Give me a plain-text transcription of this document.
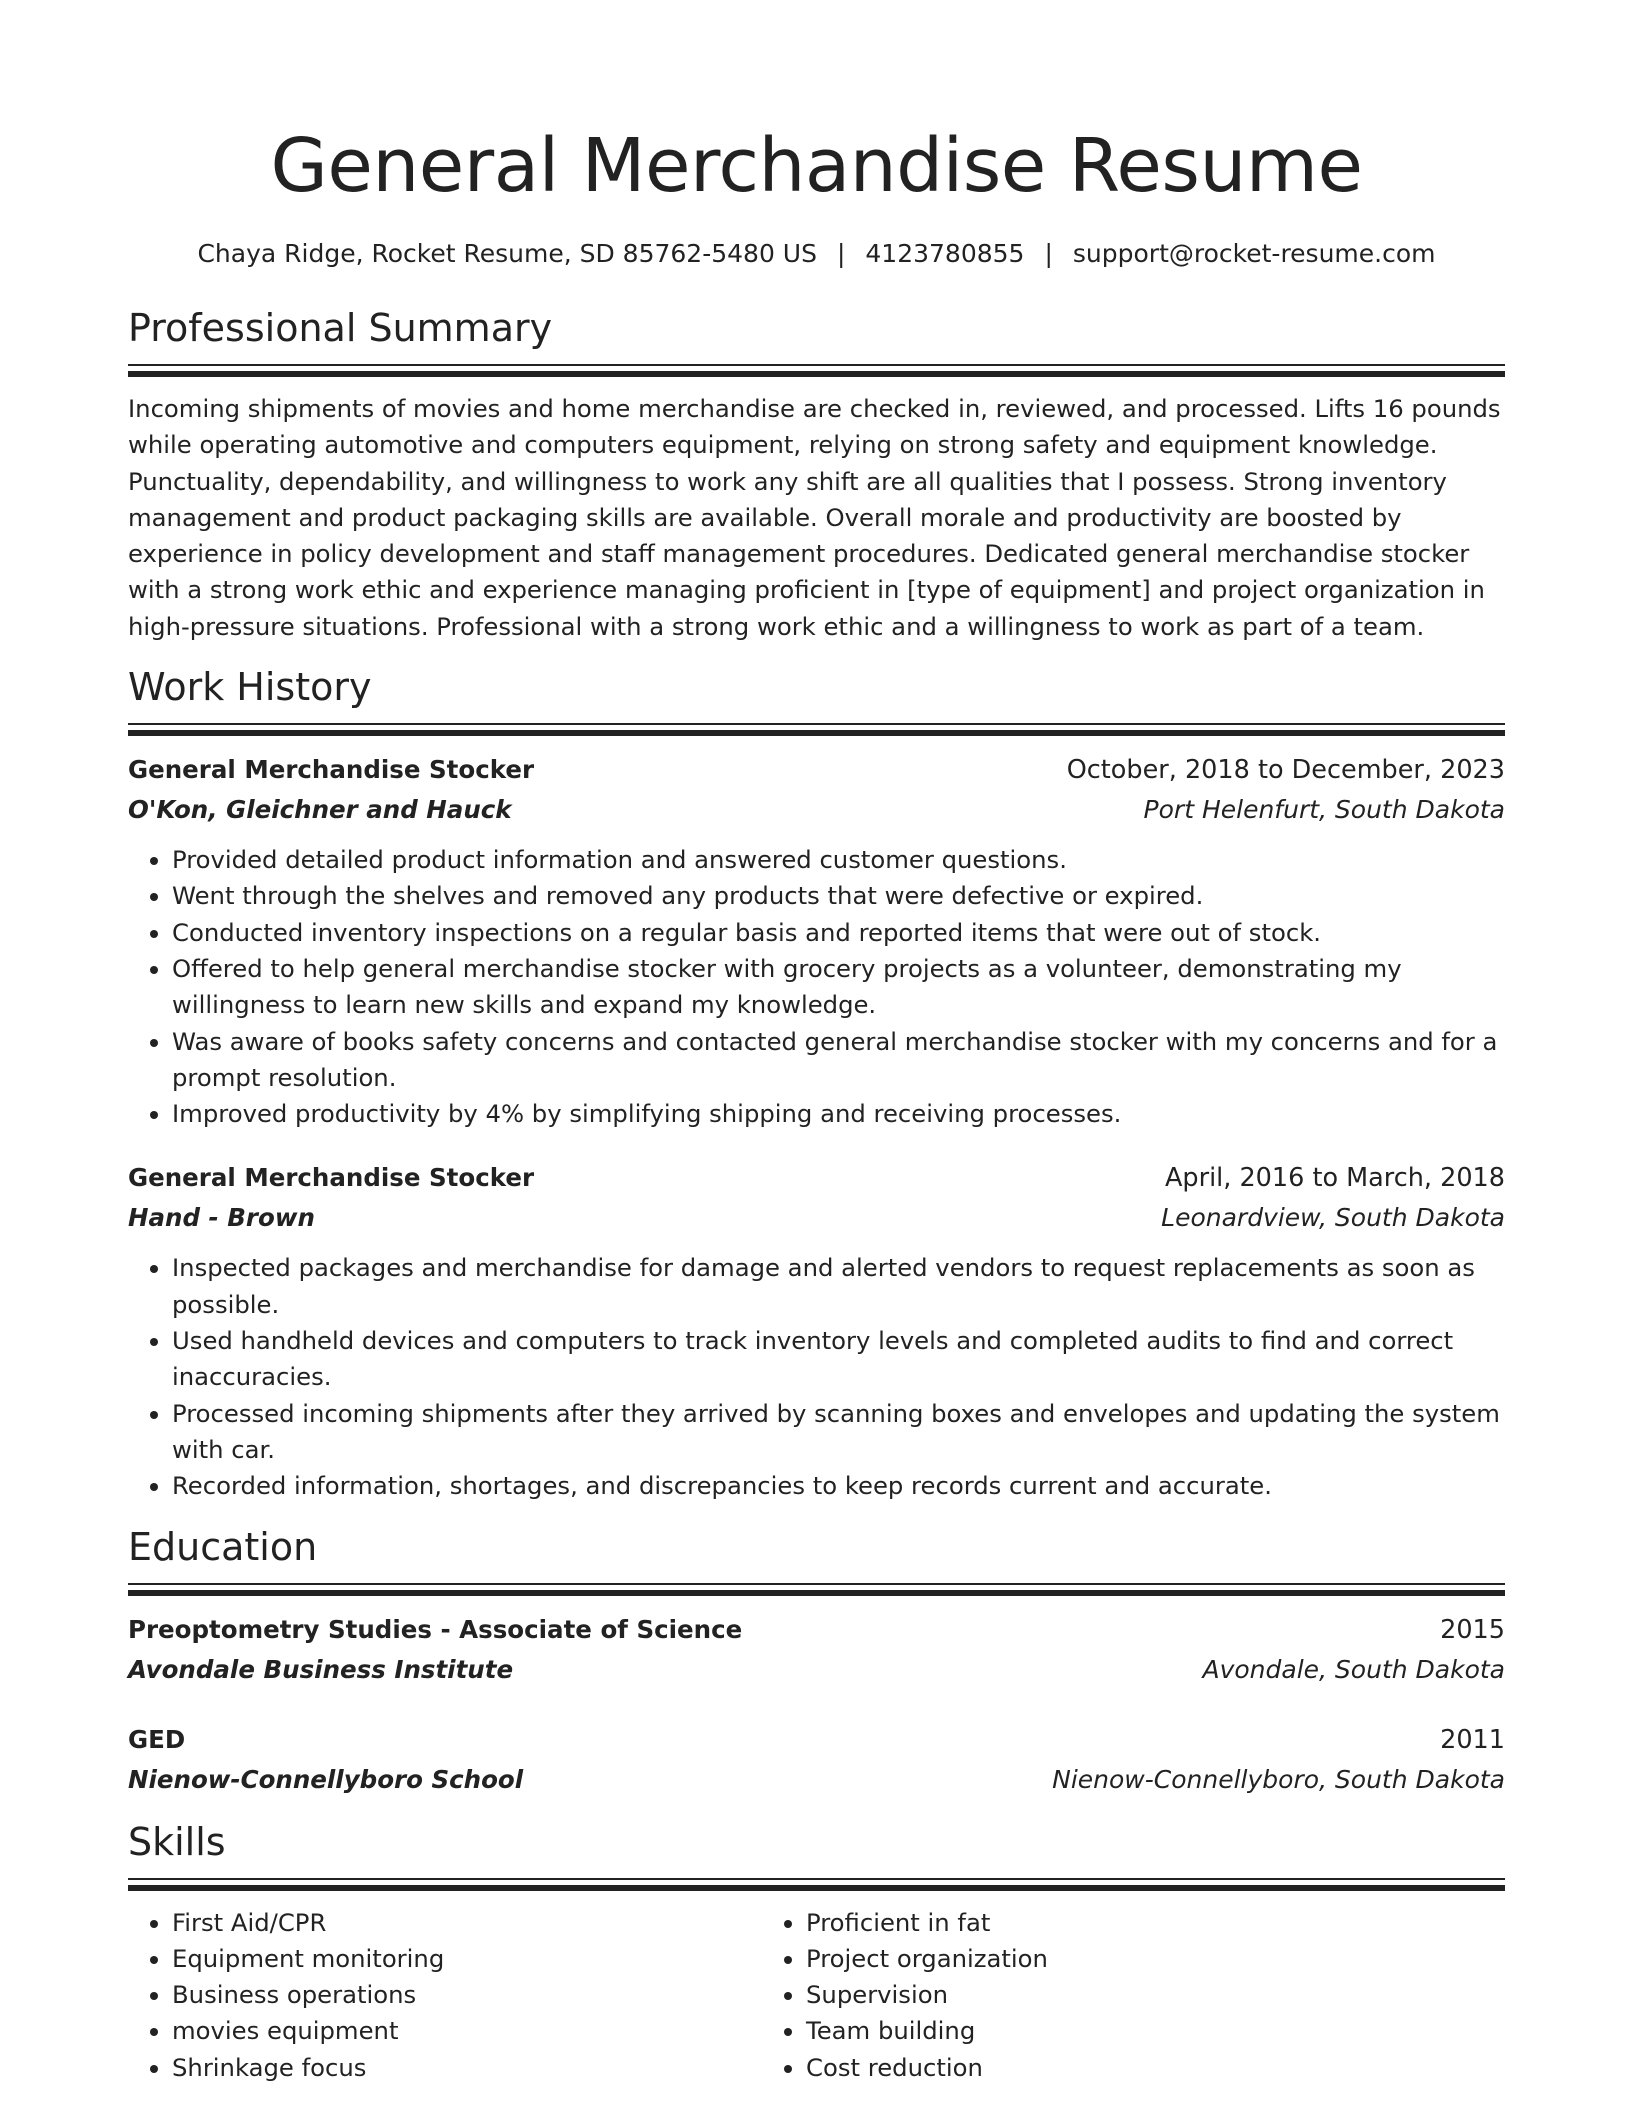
General Merchandise Resume
Chaya Ridge, Rocket Resume, SD 85762-5480 US | 4123780855 | support@rocket-resume.com
Professional Summary

Incoming shipments of movies and home merchandise are checked in, reviewed, and processed. Lifts 16 pounds while operating automotive and computers equipment, relying on strong safety and equipment knowledge. Punctuality, dependability, and willingness to work any shift are all qualities that I possess. Strong inventory management and product packaging skills are available. Overall morale and productivity are boosted by experience in policy development and staff management procedures. Dedicated general merchandise stocker with a strong work ethic and experience managing proficient in [type of equipment] and project organization in high-pressure situations. Professional with a strong work ethic and a willingness to work as part of a team.

Work History
General Merchandise Stocker	October, 2018 to December, 2023
O'Kon, Gleichner and Hauck	Port Helenfurt, South Dakota
• Provided detailed product information and answered customer questions.
• Went through the shelves and removed any products that were defective or expired.
• Conducted inventory inspections on a regular basis and reported items that were out of stock.
• Offered to help general merchandise stocker with grocery projects as a volunteer, demonstrating my willingness to learn new skills and expand my knowledge.
• Was aware of books safety concerns and contacted general merchandise stocker with my concerns and for a prompt resolution.
• Improved productivity by 4% by simplifying shipping and receiving processes.
General Merchandise Stocker	April, 2016 to March, 2018
Hand - Brown	Leonardview, South Dakota
• Inspected packages and merchandise for damage and alerted vendors to request replacements as soon as possible.
• Used handheld devices and computers to track inventory levels and completed audits to find and correct inaccuracies.
• Processed incoming shipments after they arrived by scanning boxes and envelopes and updating the system with car.
• Recorded information, shortages, and discrepancies to keep records current and accurate.
Education
Preoptometry Studies - Associate of Science	2015
Avondale Business Institute	Avondale, South Dakota
GED	2011
Nienow-Connellyboro School	Nienow-Connellyboro, South Dakota
Skills
• First Aid/CPR
• Equipment monitoring
• Business operations
• movies equipment
• Shrinkage focus
• Proficient in fat
• Project organization
• Supervision
• Team building
• Cost reduction
